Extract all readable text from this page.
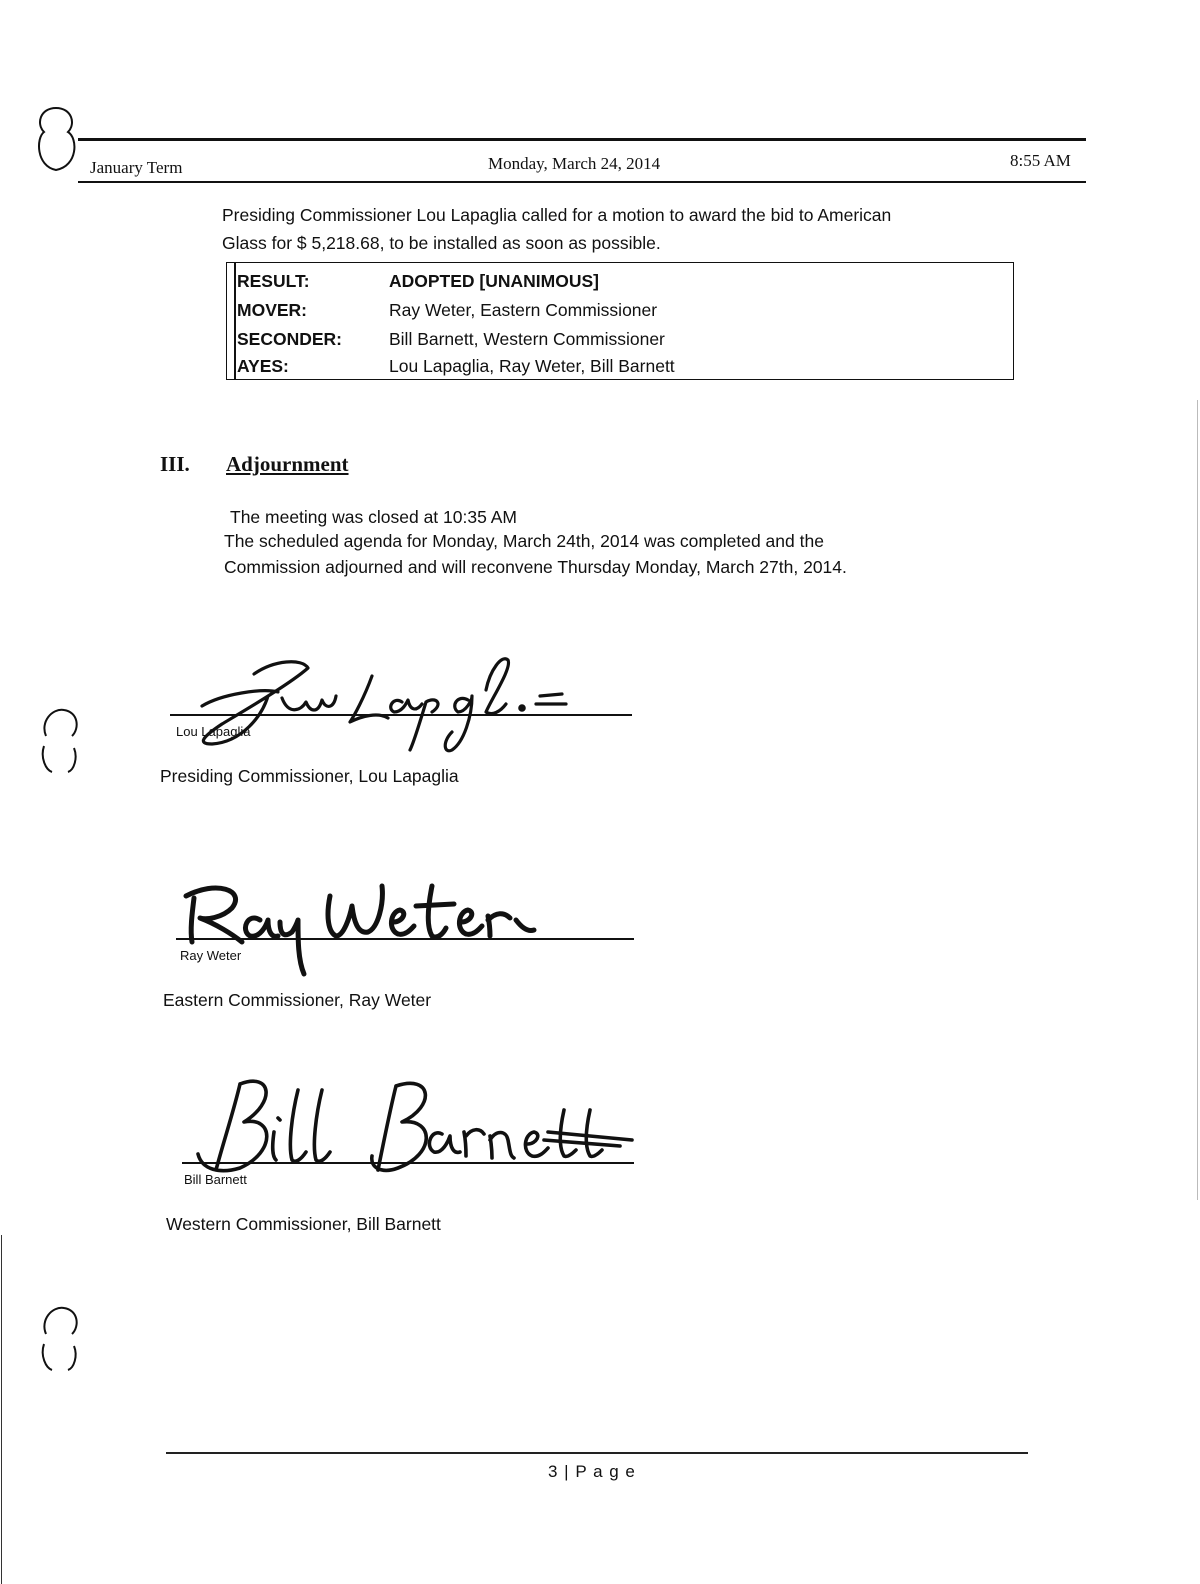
January Term	Monday, March 24, 2014	8:55 AM
Presiding Commissioner Lou Lapaglia called for a motion to award the bid to American
Glass for $ 5,218.68, to be installed as soon as possible.
RESULT:	ADOPTED [UNANIMOUS]
MOVER:	Ray Weter, Eastern Commissioner
SECONDER:	Bill Barnett, Western Commissioner
AYES:	Lou Lapaglia, Ray Weter, Bill Barnett
III. Adjournment
The meeting was closed at 10:35 AM
The scheduled agenda for Monday, March 24th, 2014 was completed and the
Commission adjourned and will reconvene Thursday Monday, March 27th, 2014.
Lou Lapaglia
Presiding Commissioner, Lou Lapaglia
Ray Weter
Eastern Commissioner, Ray Weter
Bill Barnett
Western Commissioner, Bill Barnett
3 | P a g e
